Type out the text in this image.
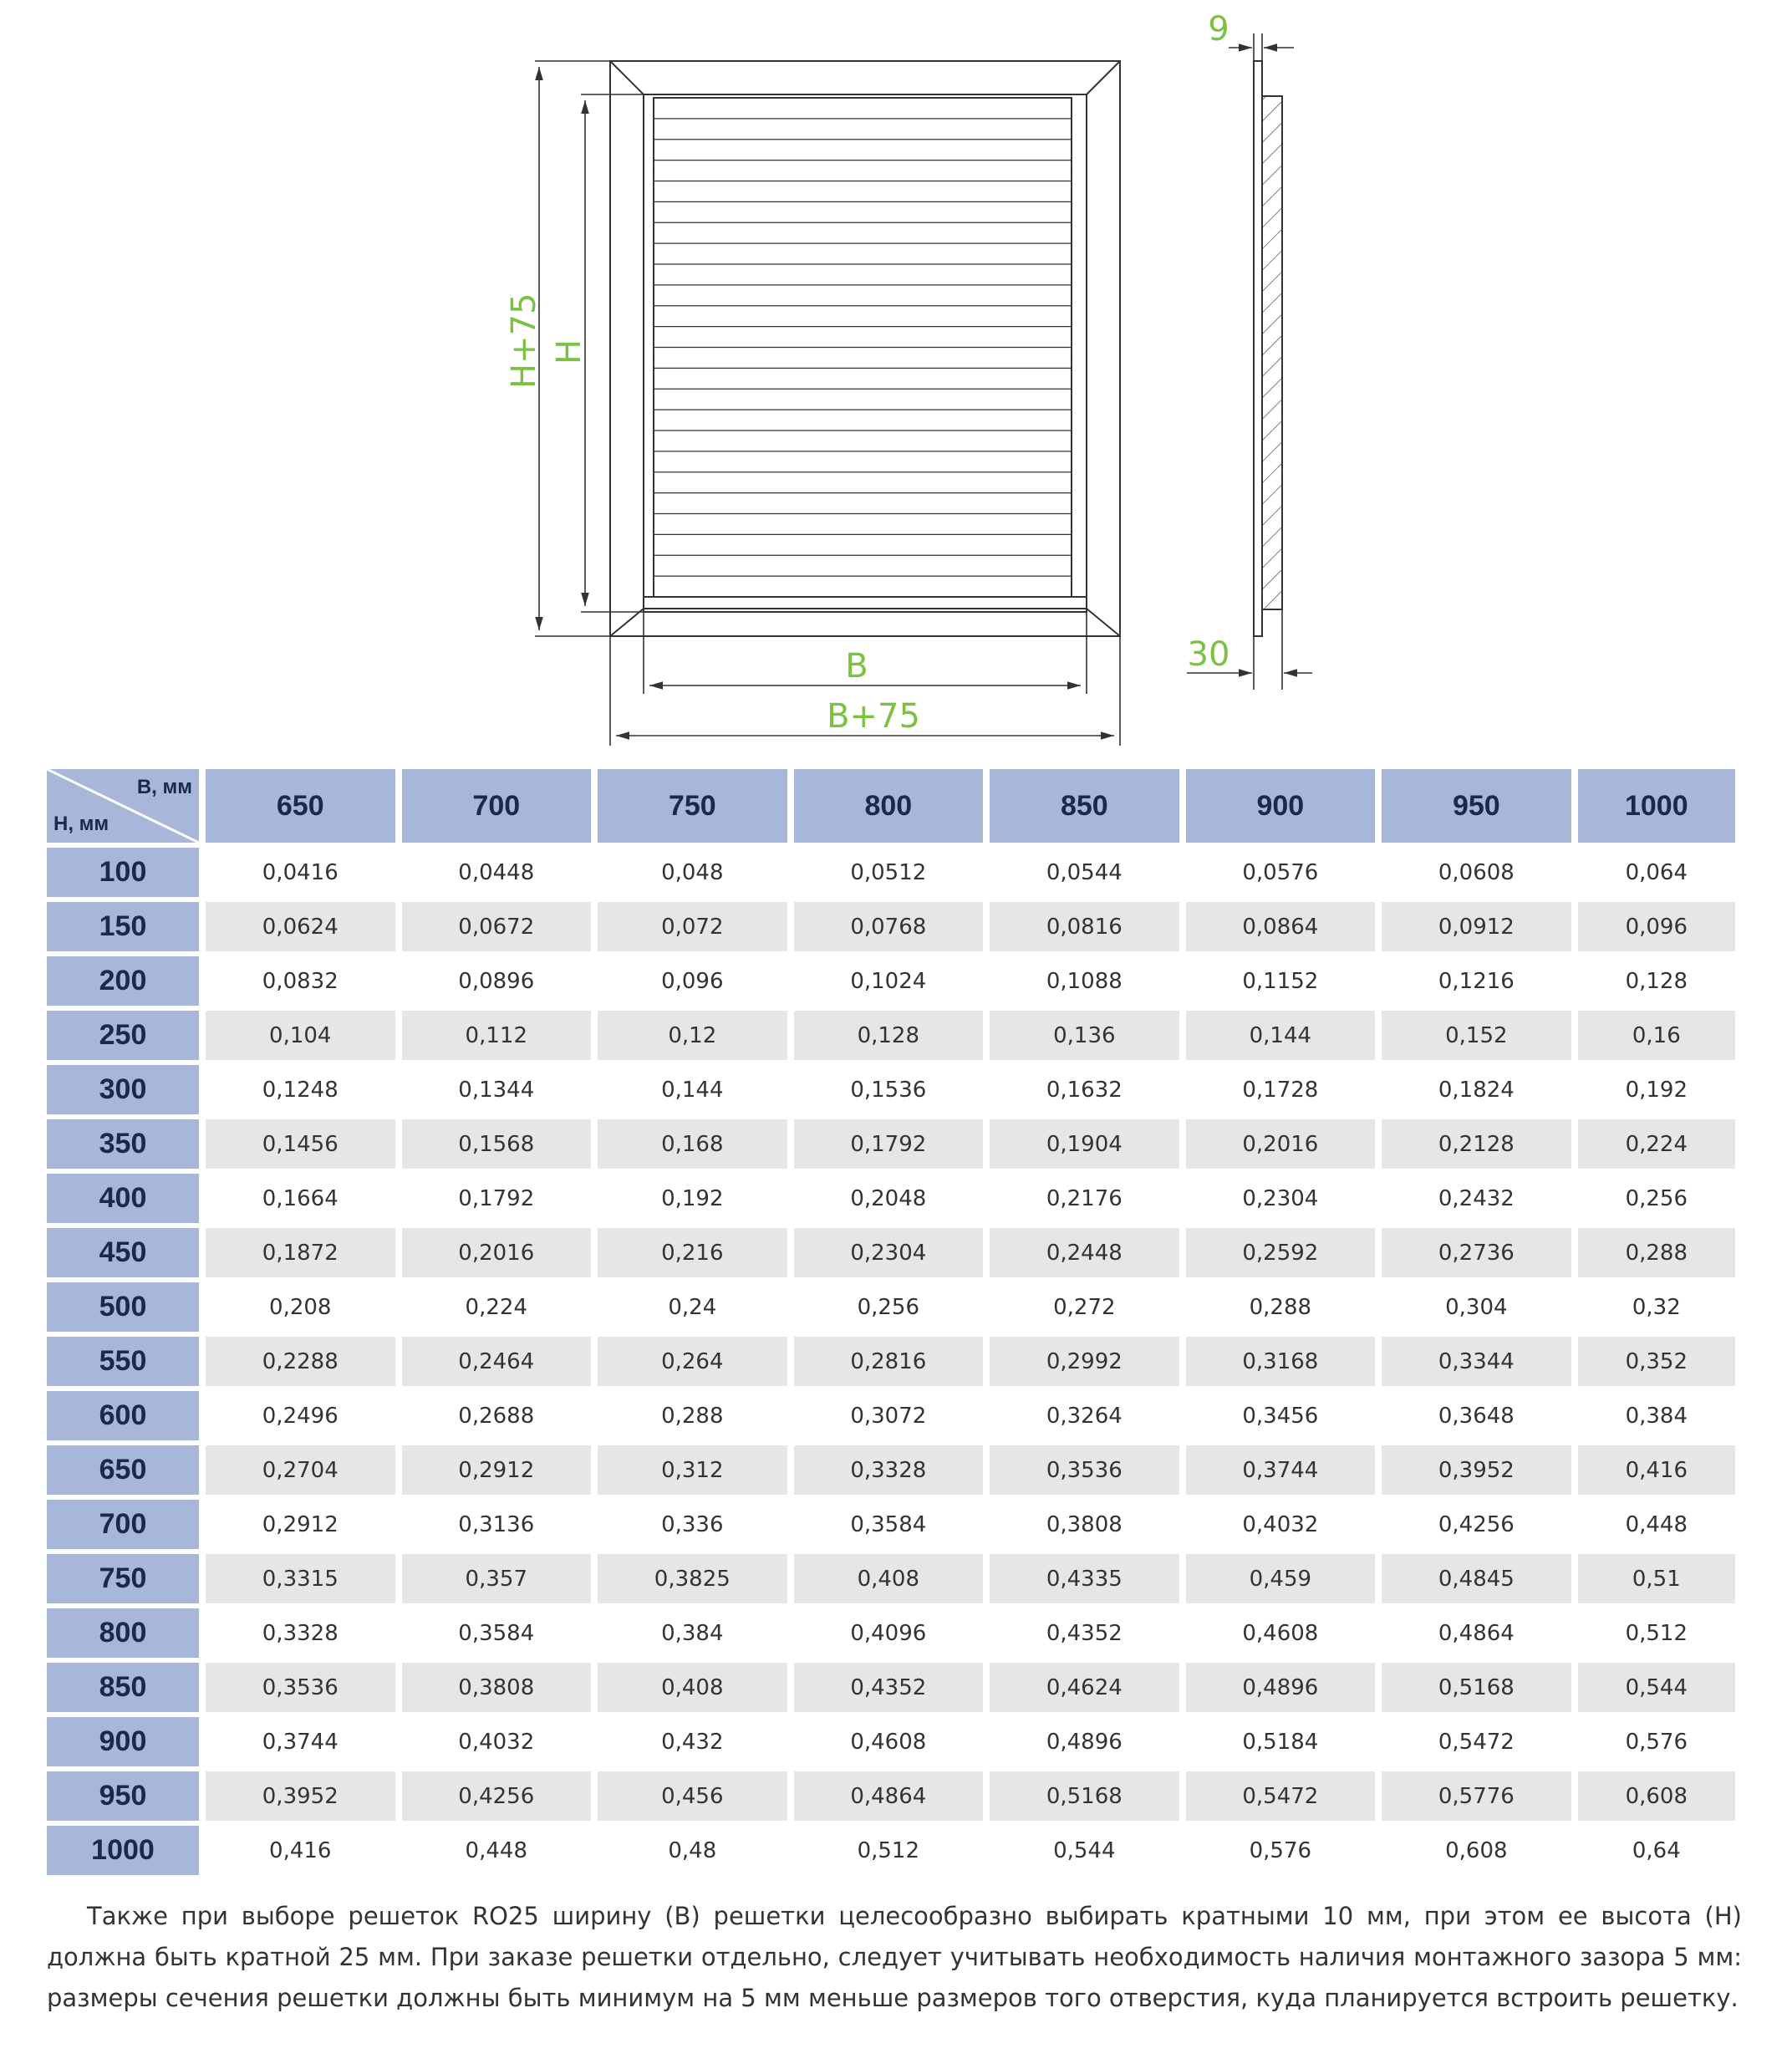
H+75 H
B
B+75
9
30
B, мм
H, мм	650	700	750	800	850	900	950	1000
100	0,0416	0,0448	0,048	0,0512	0,0544	0,0576	0,0608	0,064
150	0,0624	0,0672	0,072	0,0768	0,0816	0,0864	0,0912	0,096
200	0,0832	0,0896	0,096	0,1024	0,1088	0,1152	0,1216	0,128
250	0,104	0,112	0,12	0,128	0,136	0,144	0,152	0,16
300	0,1248	0,1344	0,144	0,1536	0,1632	0,1728	0,1824	0,192
350	0,1456	0,1568	0,168	0,1792	0,1904	0,2016	0,2128	0,224
400	0,1664	0,1792	0,192	0,2048	0,2176	0,2304	0,2432	0,256
450	0,1872	0,2016	0,216	0,2304	0,2448	0,2592	0,2736	0,288
500	0,208	0,224	0,24	0,256	0,272	0,288	0,304	0,32
550	0,2288	0,2464	0,264	0,2816	0,2992	0,3168	0,3344	0,352
600	0,2496	0,2688	0,288	0,3072	0,3264	0,3456	0,3648	0,384
650	0,2704	0,2912	0,312	0,3328	0,3536	0,3744	0,3952	0,416
700	0,2912	0,3136	0,336	0,3584	0,3808	0,4032	0,4256	0,448
750	0,3315	0,357	0,3825	0,408	0,4335	0,459	0,4845	0,51
800	0,3328	0,3584	0,384	0,4096	0,4352	0,4608	0,4864	0,512
850	0,3536	0,3808	0,408	0,4352	0,4624	0,4896	0,5168	0,544
900	0,3744	0,4032	0,432	0,4608	0,4896	0,5184	0,5472	0,576
950	0,3952	0,4256	0,456	0,4864	0,5168	0,5472	0,5776	0,608
1000	0,416	0,448	0,48	0,512	0,544	0,576	0,608	0,64

Также при выборе решеток RO25 ширину (B) решетки целесообразно выбирать кратными 10 мм, при этом ее высота (H) должна быть кратной 25 мм. При заказе решетки отдельно, следует учитывать необходимость наличия монтажного зазора 5 мм: размеры сечения решетки должны быть минимум на 5 мм меньше размеров того отверстия, куда планируется встроить решетку.
